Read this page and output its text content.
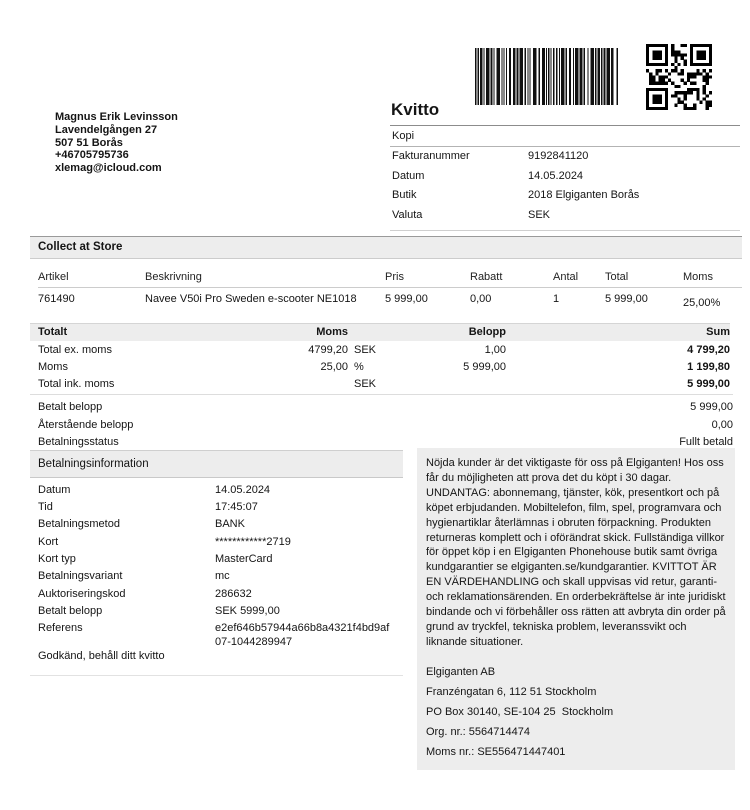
Magnus Erik Levinsson
Lavendelgången 27
507 51 Borås
+46705795736
xlemag@icloud.com
Kvitto
Kopi
Fakturanummer	9192841120
Datum	14.05.2024
Butik	2018 Elgiganten Borås
Valuta	SEK
Collect at Store
Artikel	Beskrivning	Pris	Rabatt	Antal	Total	Moms
761490	Navee V50i Pro Sweden e-scooter NE1018	5 999,00	0,00	1	5 999,00	25,00%
Totalt	Moms		Belopp	Sum
Total ex. moms	4799,20	SEK	1,00	4 799,20
Moms	25,00	%	5 999,00	1 199,80
Total ink. moms		SEK		5 999,00
Betalt belopp	5 999,00
Återstående belopp	0,00
Betalningsstatus	Fullt betald
Betalningsinformation
Datum	14.05.2024
Tid	17:45:07
Betalningsmetod	BANK
Kort	************2719
Kort typ	MasterCard
Betalningsvariant	mc
Auktoriseringskod	286632
Betalt belopp	SEK 5999,00
Referens	e2ef646b57944a66b8a4321f4bd9af07-1044289947
Godkänd, behåll ditt kvitto
Nöjda kunder är det viktigaste för oss på Elgiganten! Hos oss får du möjligheten att prova det du köpt i 30 dagar. UNDANTAG: abonnemang, tjänster, kök, presentkort och på köpet erbjudanden. Mobiltelefon, film, spel, programvara och hygienartiklar återlämnas i obruten förpackning. Produkten returneras komplett och i oförändrat skick. Fullständiga villkor för öppet köp i en Elgiganten Phonehouse butik samt övriga kundgarantier se elgiganten.se/kundgarantier. KVITTOT ÄR EN VÄRDEHANDLING och skall uppvisas vid retur, garanti- och reklamationsärenden. En orderbekräftelse är inte juridiskt bindande och vi förbehåller oss rätten att avbryta din order på grund av tryckfel, tekniska problem, leveranssvikt och liknande situationer.
Elgiganten AB
Franzéngatan 6, 112 51 Stockholm
PO Box 30140, SE-104 25  Stockholm
Org. nr.: 5564714474
Moms nr.: SE556471447401
